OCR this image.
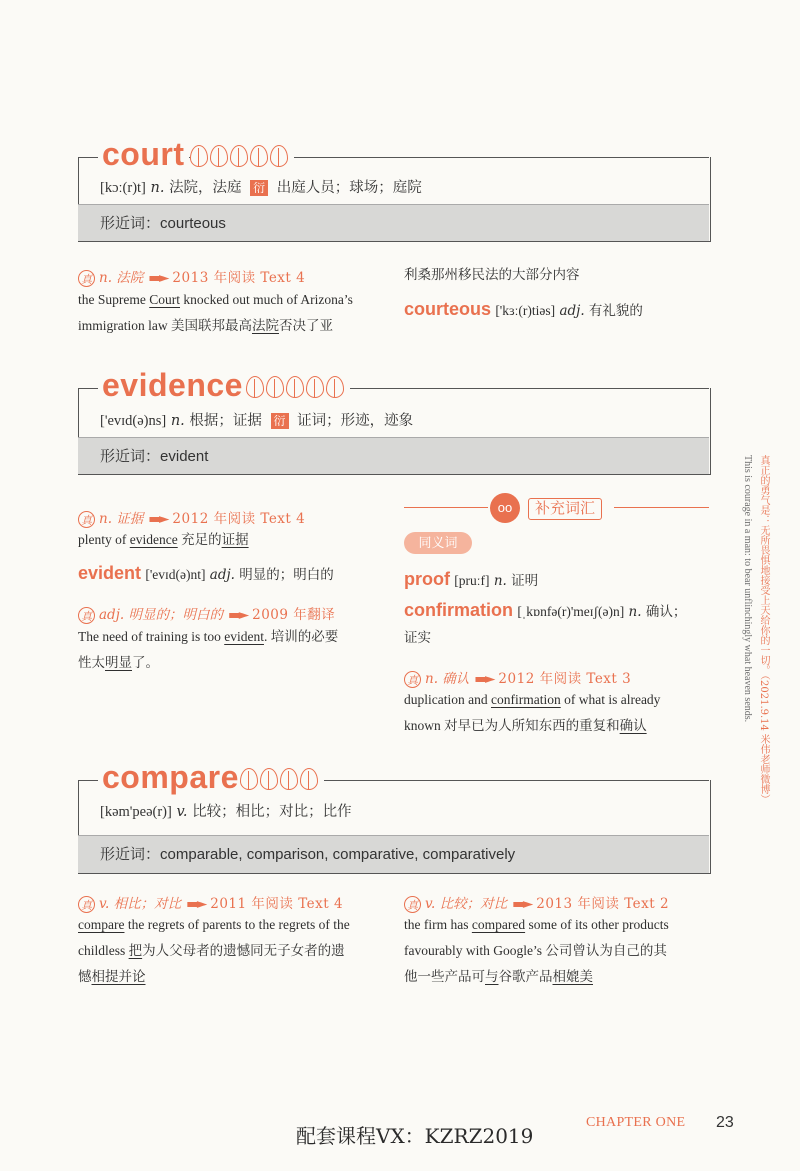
court
[kɔː(r)t] n. 法院，法庭 衍 出庭人员；球场；庭院
形近词：courteous
真 n. 法院 ▬► 2013 年阅读 Text 4
the Supreme Court knocked out much of Arizona’s
immigration law 美国联邦最高法院否决了亚
利桑那州移民法的大部分内容
courteous ['kɜː(r)tiəs] adj. 有礼貌的
evidence
['evɪd(ə)ns] n. 根据；证据 衍 证词；形迹，迹象
形近词：evident
真 n. 证据 ▬► 2012 年阅读 Text 4
plenty of evidence 充足的证据
evident ['evɪd(ə)nt] adj. 明显的；明白的
真 adj. 明显的；明白的 ▬► 2009 年翻译
The need of training is too evident. 培训的必要
性太明显了。
oo	补充词汇
同义词
proof [pruːf] n. 证明
confirmation [ˌkɒnfə(r)'meɪʃ(ə)n] n. 确认；
证实
真 n. 确认 ▬► 2012 年阅读 Text 3
duplication and confirmation of what is already
known 对早已为人所知东西的重复和确认
compare
[kəm'peə(r)] v. 比较；相比；对比；比作
形近词：comparable, comparison, comparative, comparatively
真 v. 相比；对比 ▬► 2011 年阅读 Text 4
compare the regrets of parents to the regrets of the
childless 把为人父母者的遗憾同无子女者的遗
憾相提并论
真 v. 比较；对比 ▬► 2013 年阅读 Text 2
the firm has compared some of its other products
favourably with Google’s 公司曾认为自己的其
他一些产品可与谷歌产品相媲美
真正的勇气是：无所畏惧地接受上天给你的一切。（2021.9.14 米伟老师微博）
This is courage in a man: to bear unflinchingly what heaven sends.
配套课程VX：KZRZ2019
CHAPTER ONE 23
